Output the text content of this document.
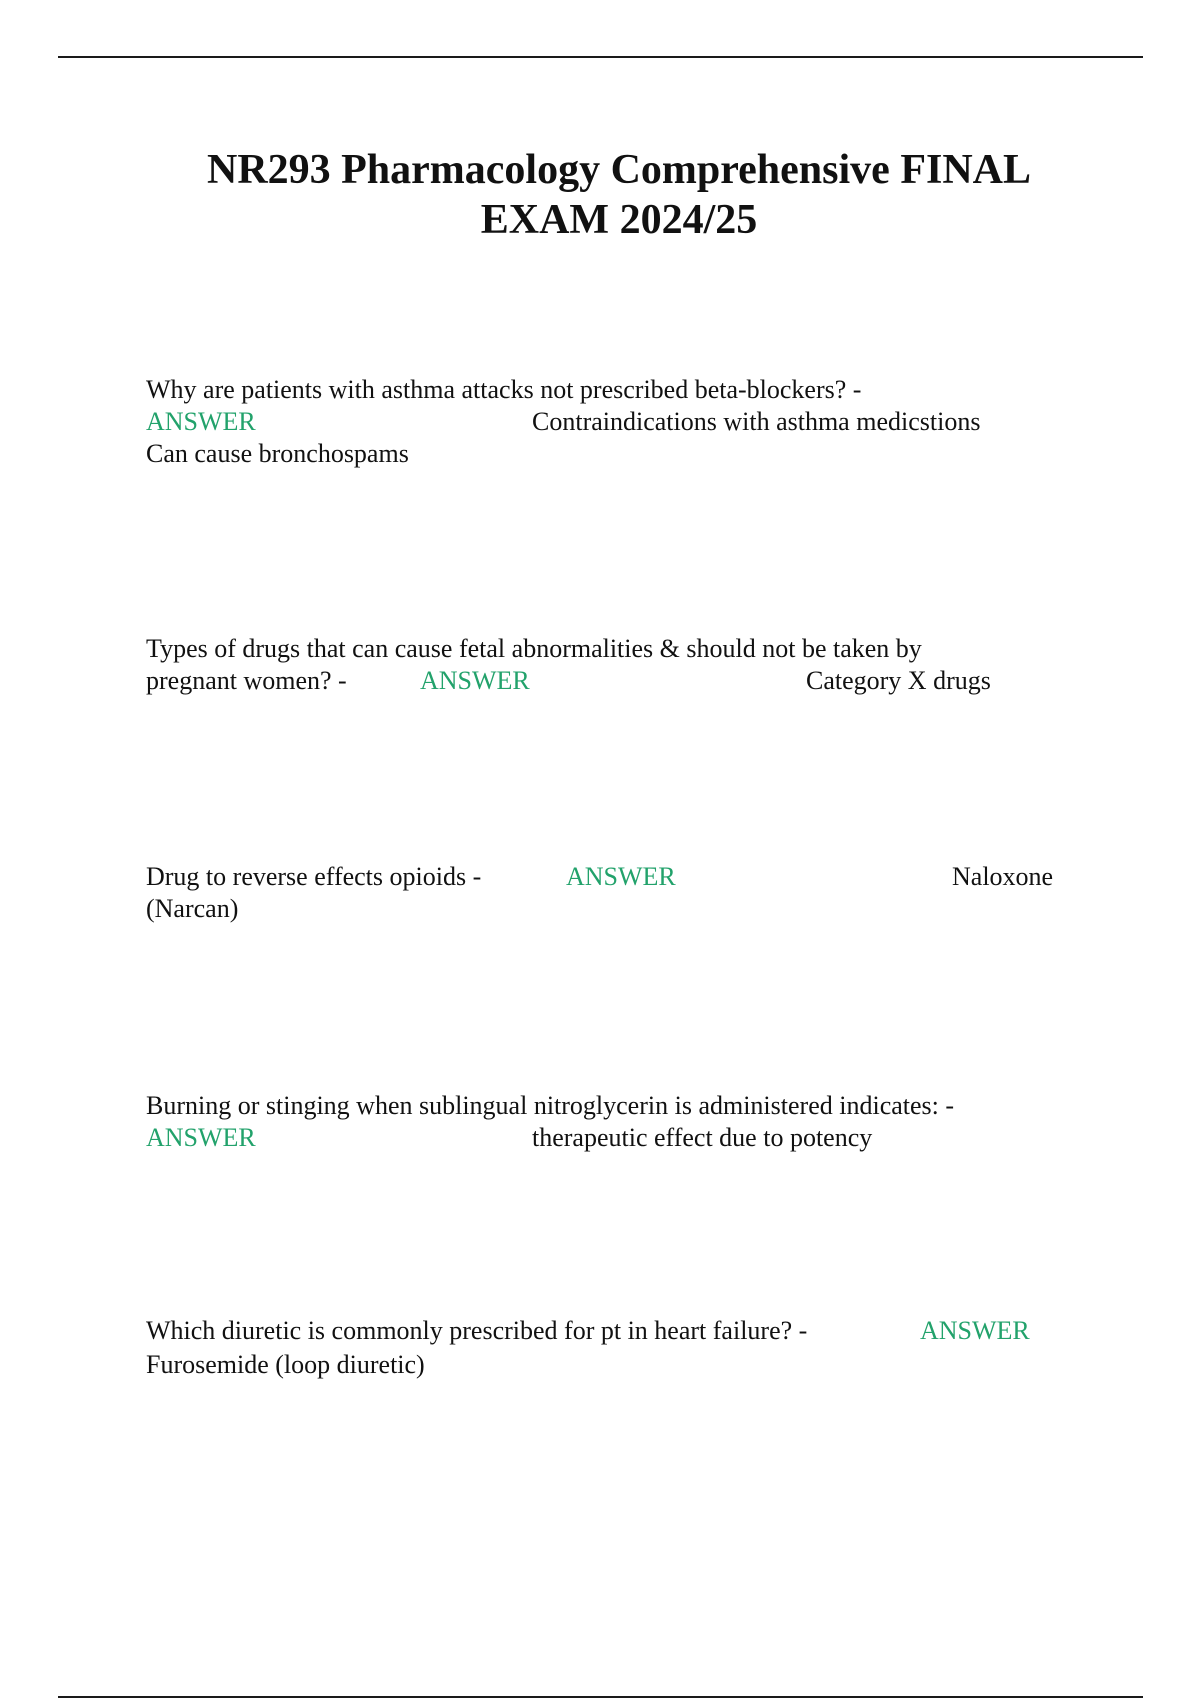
NR293 Pharmacology Comprehensive FINAL
EXAM 2024/25
Why are patients with asthma attacks not prescribed beta-blockers? -
ANSWER	Contraindications with asthma medicstions
Can cause bronchospams
Types of drugs that can cause fetal abnormalities & should not be taken by
pregnant women? -	ANSWER	Category X drugs
Drug to reverse effects opioids -	ANSWER	Naloxone
(Narcan)
Burning or stinging when sublingual nitroglycerin is administered indicates: -
ANSWER	therapeutic effect due to potency
Which diuretic is commonly prescribed for pt in heart failure? -	ANSWER
Furosemide (loop diuretic)
